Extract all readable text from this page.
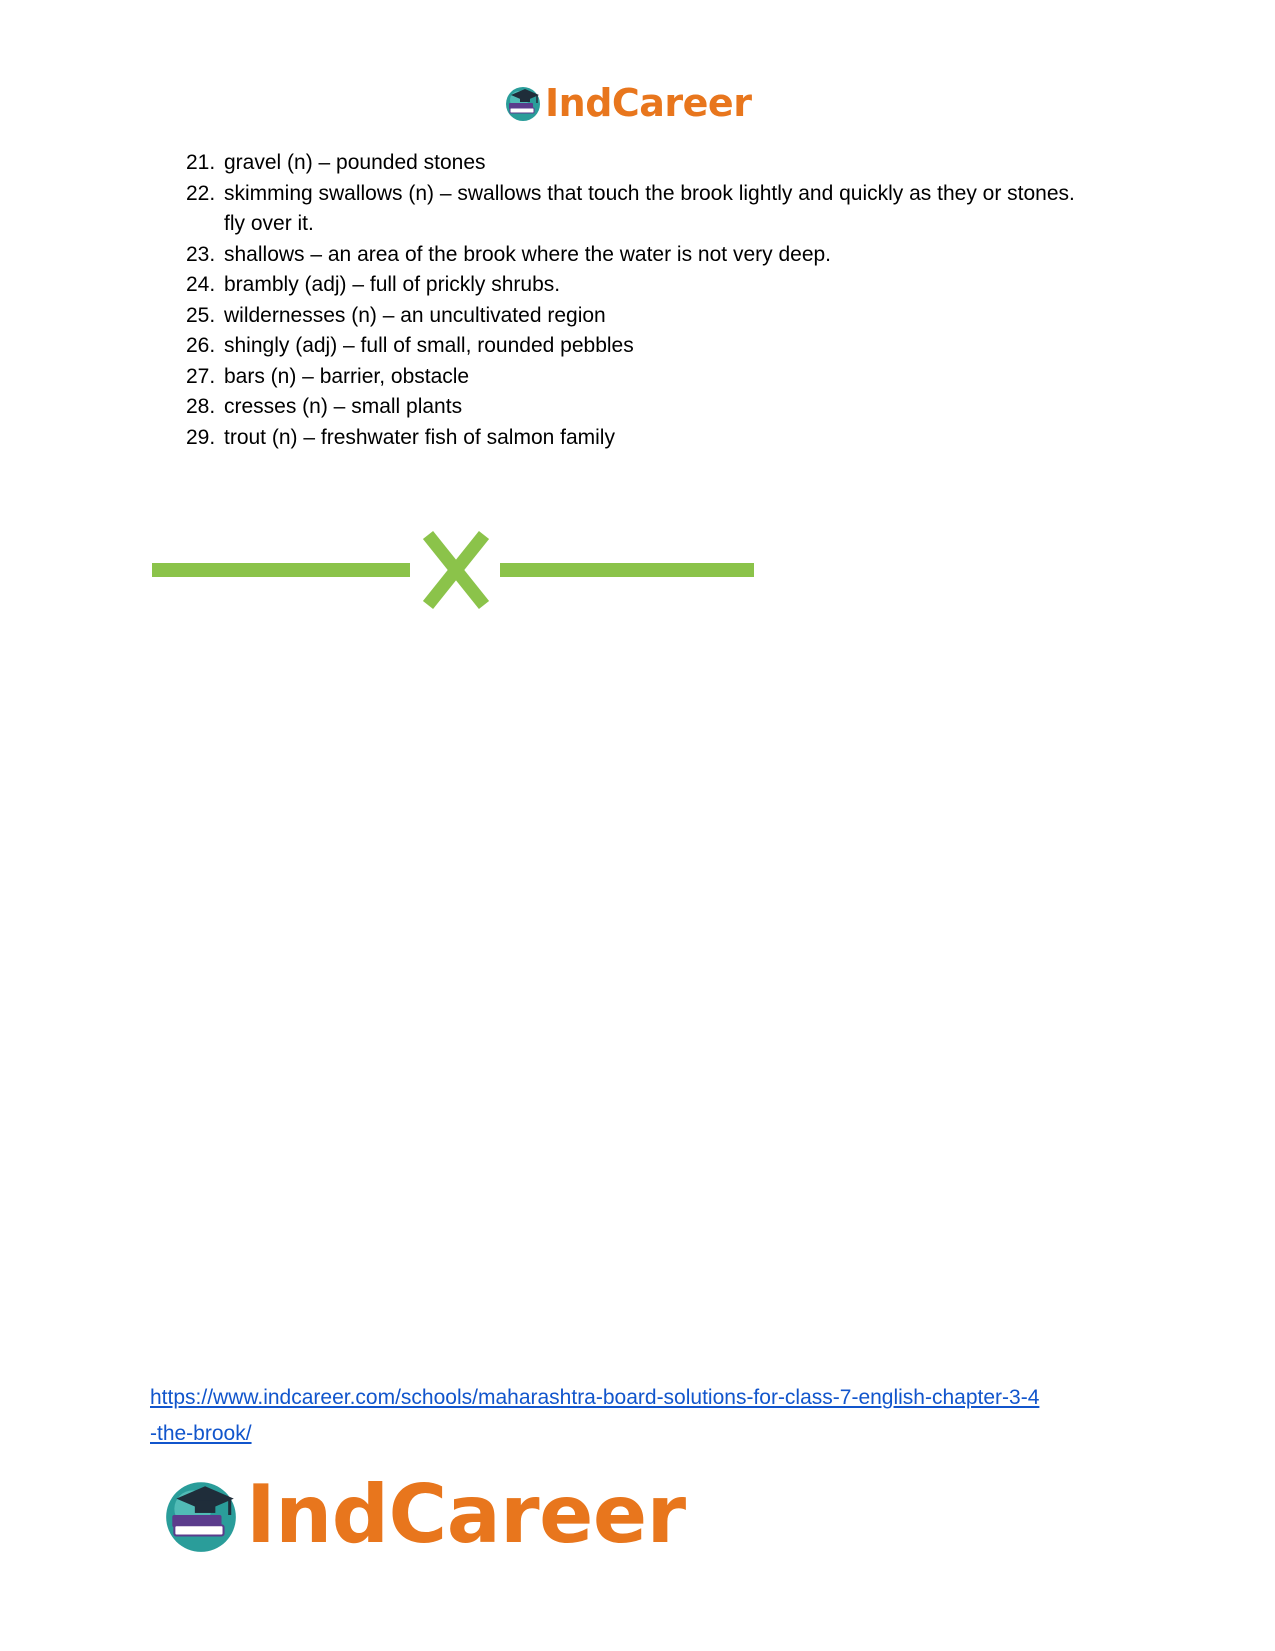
IndCareer
21. gravel (n) – pounded stones
22. skimming swallows (n) – swallows that touch the brook lightly and quickly as they or stones. fly over it.
23. shallows – an area of the brook where the water is not very deep.
24. brambly (adj) – full of prickly shrubs.
25. wildernesses (n) – an uncultivated region
26. shingly (adj) – full of small, rounded pebbles
27. bars (n) – barrier, obstacle
28. cresses (n) – small plants
29. trout (n) – freshwater fish of salmon family
https://www.indcareer.com/schools/maharashtra-board-solutions-for-class-7-english-chapter-3-4
-the-brook/
IndCareer
